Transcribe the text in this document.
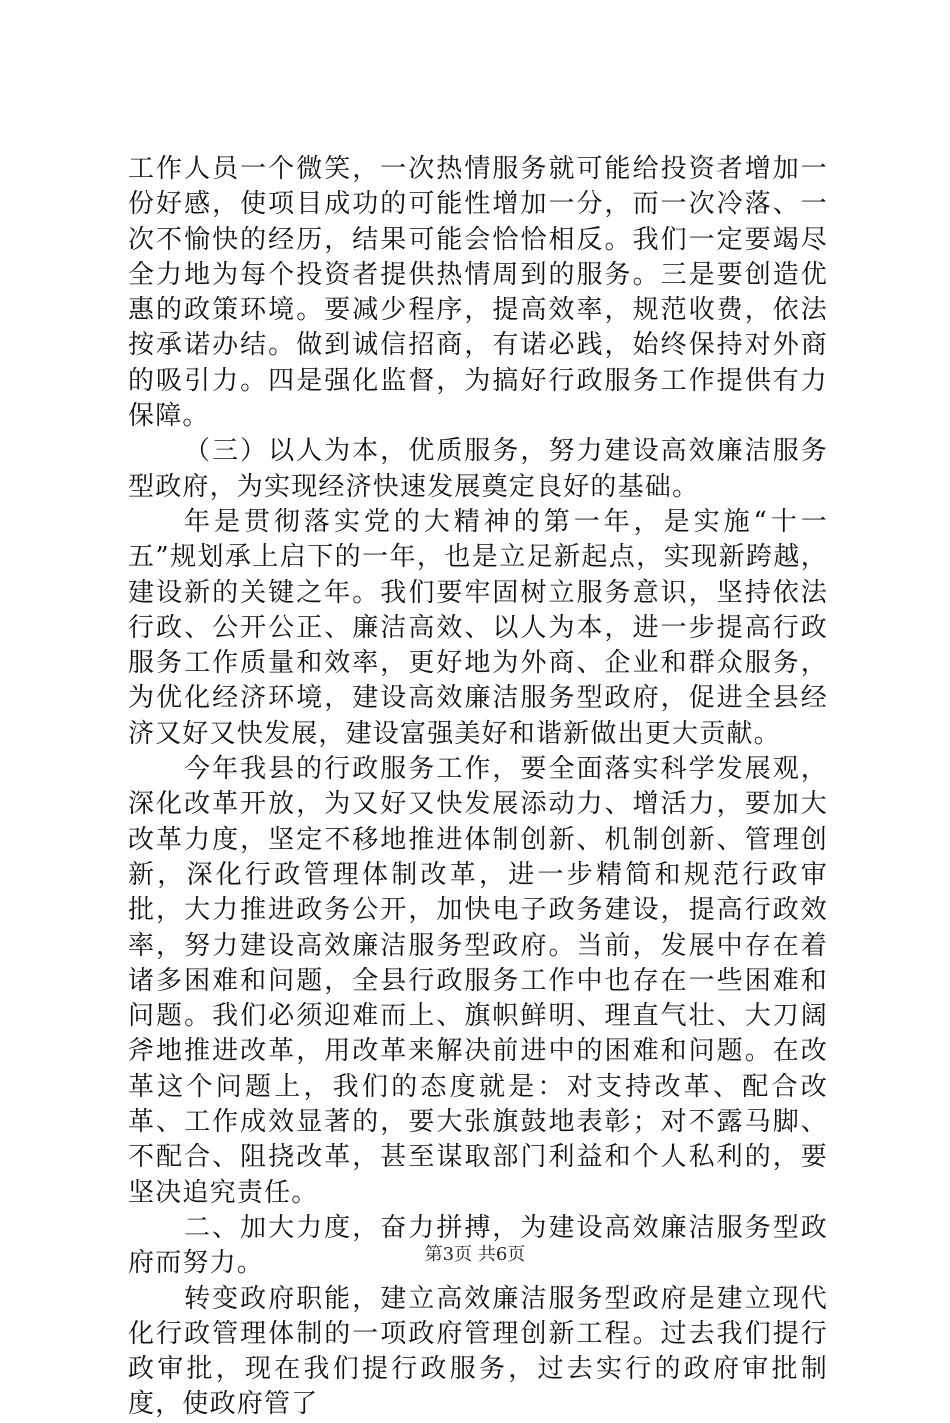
工作人员一个微笑，一次热情服务就可能给投资者增加一份好感，使项目成功的可能性增加一分，而一次冷落、一次不愉快的经历，结果可能会恰恰相反。我们一定要竭尽全力地为每个投资者提供热情周到的服务。三是要创造优惠的政策环境。要减少程序，提高效率，规范收费，依法按承诺办结。做到诚信招商，有诺必践，始终保持对外商的吸引力。四是强化监督，为搞好行政服务工作提供有力保障。

（三）以人为本，优质服务，努力建设高效廉洁服务型政府，为实现经济快速发展奠定良好的基础。

年是贯彻落实党的大精神的第一年，是实施“十一五”规划承上启下的一年，也是立足新起点，实现新跨越，建设新的关键之年。我们要牢固树立服务意识，坚持依法行政、公开公正、廉洁高效、以人为本，进一步提高行政服务工作质量和效率，更好地为外商、企业和群众服务，为优化经济环境，建设高效廉洁服务型政府，促进全县经济又好又快发展，建设富强美好和谐新做出更大贡献。

今年我县的行政服务工作，要全面落实科学发展观，深化改革开放，为又好又快发展添动力、增活力，要加大改革力度，坚定不移地推进体制创新、机制创新、管理创新，深化行政管理体制改革，进一步精简和规范行政审批，大力推进政务公开，加快电子政务建设，提高行政效率，努力建设高效廉洁服务型政府。当前，发展中存在着诸多困难和问题，全县行政服务工作中也存在一些困难和问题。我们必须迎难而上、旗帜鲜明、理直气壮、大刀阔斧地推进改革，用改革来解决前进中的困难和问题。在改革这个问题上，我们的态度就是：对支持改革、配合改革、工作成效显著的，要大张旗鼓地表彰；对不露马脚、不配合、阻挠改革，甚至谋取部门利益和个人私利的，要坚决追究责任。

二、加大力度，奋力拼搏，为建设高效廉洁服务型政府而努力。

转变政府职能，建立高效廉洁服务型政府是建立现代化行政管理体制的一项政府管理创新工程。过去我们提行政审批，现在我们提行政服务，过去实行的政府审批制度，使政府管了

第3页 共6页
